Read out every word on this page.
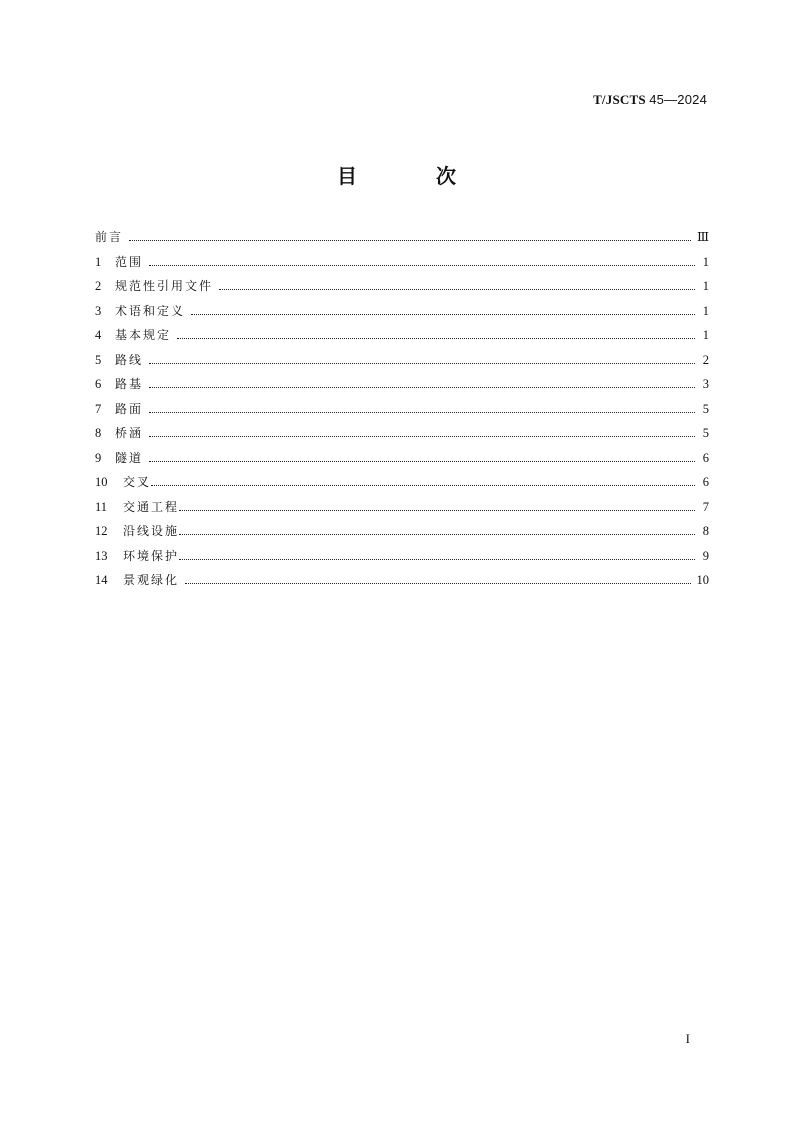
T/JSCTS 45—2024
目 次
前言	Ⅲ
1	范围	1
2	规范性引用文件	1
3	术语和定义	1
4	基本规定	1
5	路线	2
6	路基	3
7	路面	5
8	桥涵	5
9	隧道	6
10	交叉	6
11	交通工程	7
12	沿线设施	8
13	环境保护	9
14	景观绿化	10
I
